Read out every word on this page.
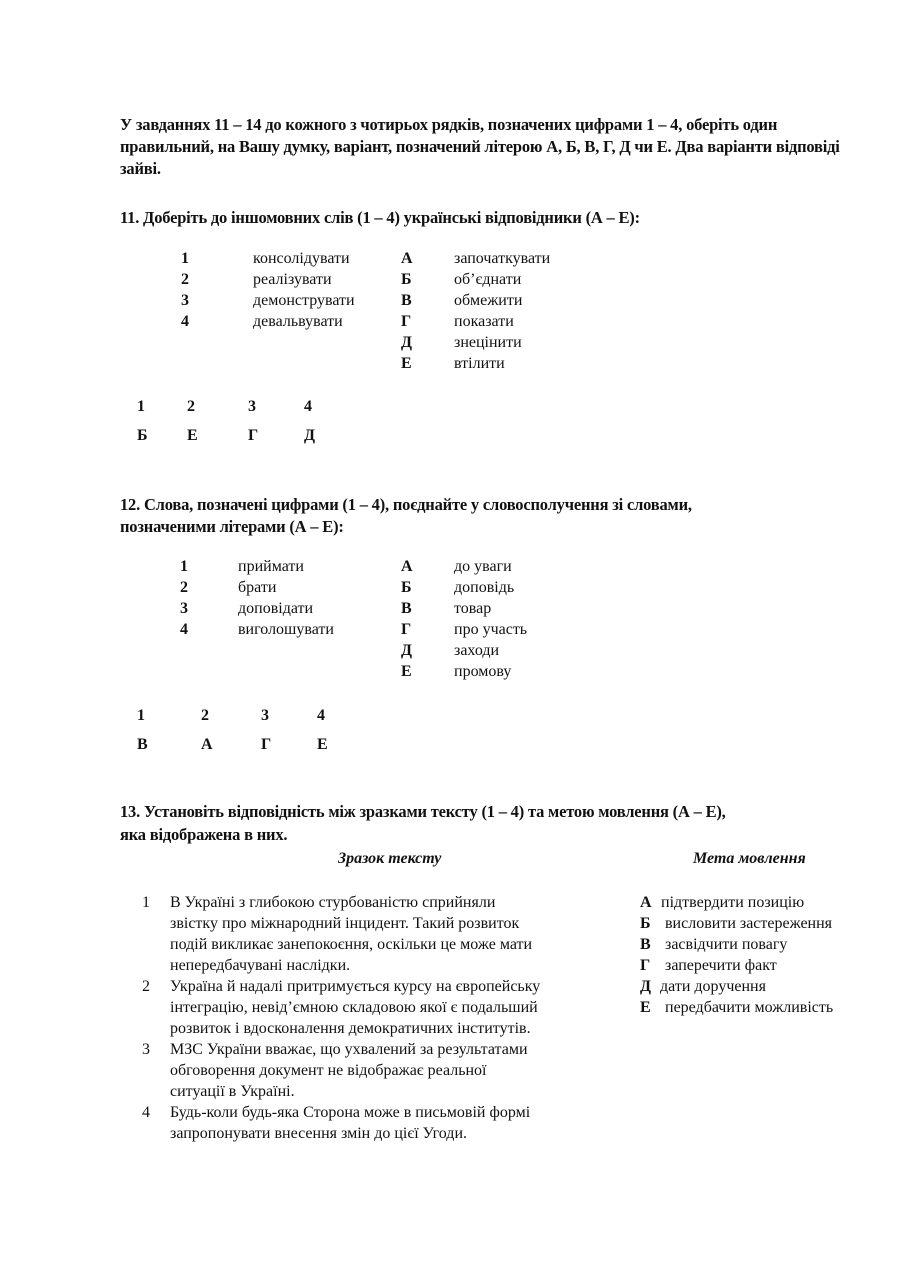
У завданнях 11 – 14 до кожного з чотирьох рядків, позначених цифрами 1 – 4, оберіть один правильний, на Вашу думку, варіант, позначений літерою А, Б, В, Г, Д чи Е. Два варіанти відповіді зайві.
11. Доберіть до іншомовних слів (1 – 4) українські відповідники (А – Е):
1	консолідувати
2	реалізувати
3	демонструвати
4	девальвувати
А	започаткувати
Б	об’єднати
В	обмежити
Г	показати
Д	знецінити
Е	втілити
1	2	3	4
Б Е	Г	Д
12. Слова, позначені цифрами (1 – 4), поєднайте у словосполучення зі словами,
позначеними літерами (А – Е):
1	приймати
2	брати
3	доповідати
4	виголошувати
А	до уваги
Б	доповідь
В	товар
Г	про участь
Д	заходи
Е	промову
1	2	3	4
В	А	Г	Е
13. Установіть відповідність між зразками тексту (1 – 4) та метою мовлення (А – Е),
яка відображена в них.
Зразок тексту	Мета мовлення
1 В Україні з глибокою стурбованістю сприйняли
звістку про міжнародний інцидент. Такий розвиток
подій викликає занепокоєння, оскільки це може мати
непередбачувані наслідки.
2 Україна й надалі притримується курсу на європейську
інтеграцію, невід’ємною складовою якої є подальший
розвиток і вдосконалення демократичних інститутів.
3 МЗС України вважає, що ухвалений за результатами
обговорення документ не відображає реальної
ситуації в Україні.
4 Будь-коли будь-яка Сторона може в письмовій формі
запропонувати внесення змін до цієї Угоди.
А підтвердити позицію
Б висловити застереження
В засвідчити повагу
Г заперечити факт
Д дати доручення
Е передбачити можливість
